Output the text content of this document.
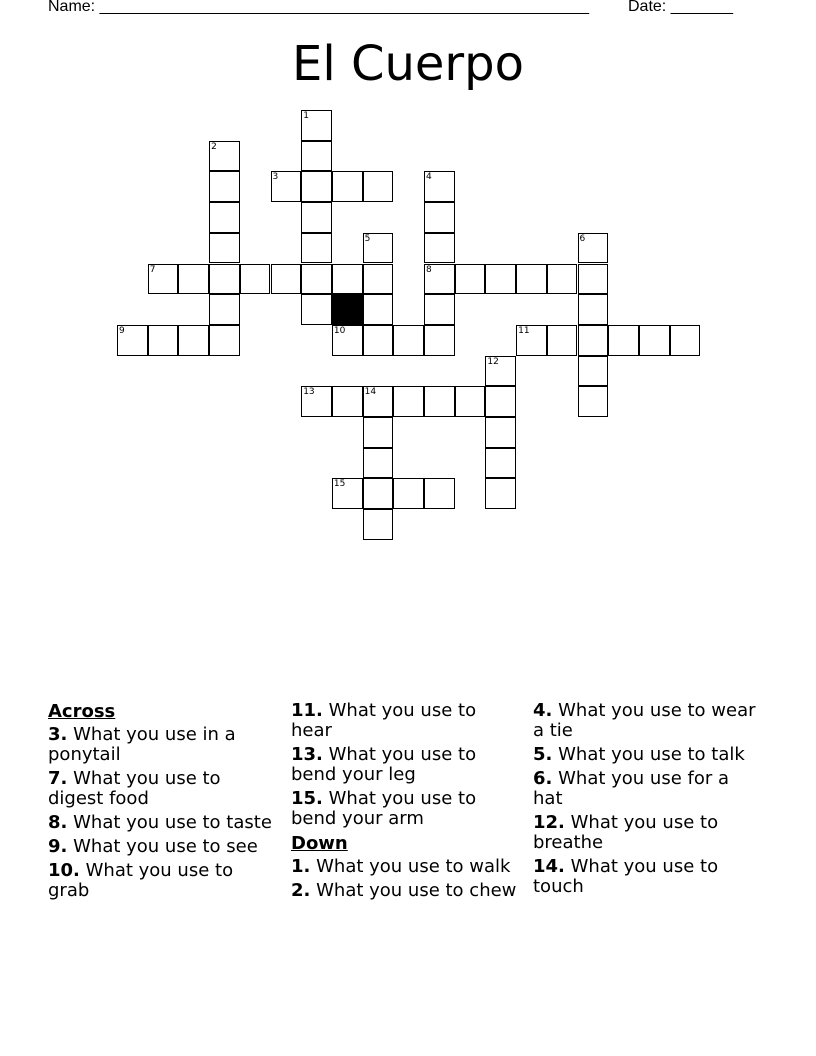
Name: _______________________________________________________ Date: _______
El Cuerpo
1
2
3	4
8
5	6
7
9	10	11
12
13	14
15
Across
3. What you use in a ponytail
7. What you use to digest food
8. What you use to taste
9. What you use to see
10. What you use to grab
11. What you use to hear
13. What you use to bend your leg
15. What you use to bend your arm
Down
1. What you use to walk
2. What you use to chew
4. What you use to wear a tie
5. What you use to talk
6. What you use for a hat
12. What you use to breathe
14. What you use to touch
